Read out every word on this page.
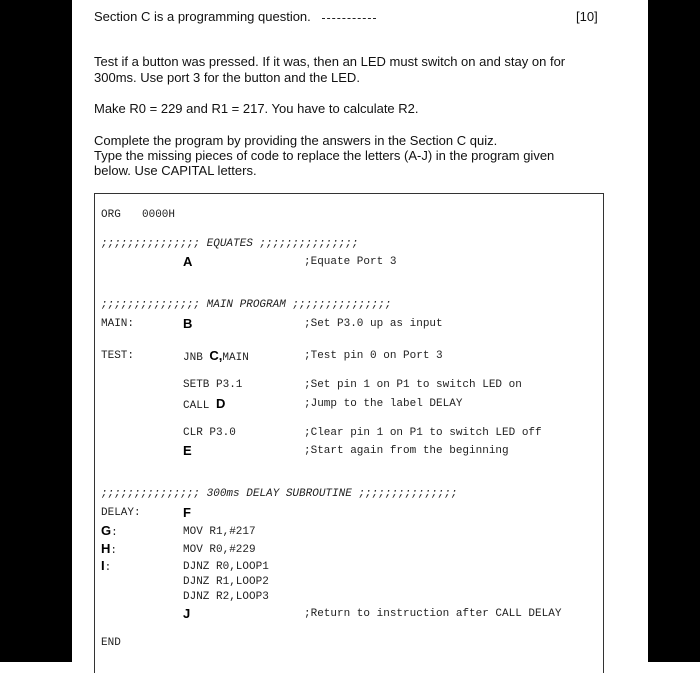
Section C is a programming question.	[10]
Test if a button was pressed. If it was, then an LED must switch on and stay on for
300ms. Use port 3 for the button and the LED.
Make R0 = 229 and R1 = 217. You have to calculate R2.
Complete the program by providing the answers in the Section C quiz.
Type the missing pieces of code to replace the letters (A-J) in the program given
below. Use CAPITAL letters.
ORG 0000H
;;;;;;;;;;;;;;; EQUATES ;;;;;;;;;;;;;;;
A	;Equate Port 3
;;;;;;;;;;;;;;; MAIN PROGRAM ;;;;;;;;;;;;;;;
MAIN:	B	;Set P3.0 up as input
TEST:	JNB C,MAIN	;Test pin 0 on Port 3
SETB P3.1	;Set pin 1 on P1 to switch LED on
CALL D	;Jump to the label DELAY
CLR P3.0	;Clear pin 1 on P1 to switch LED off
E	;Start again from the beginning
;;;;;;;;;;;;;;; 300ms DELAY SUBROUTINE ;;;;;;;;;;;;;;;
DELAY:	F
G:	MOV R1,#217
H:	MOV R0,#229
I:	DJNZ R0,LOOP1
DJNZ R1,LOOP2
DJNZ R2,LOOP3
J	;Return to instruction after CALL DELAY
END
